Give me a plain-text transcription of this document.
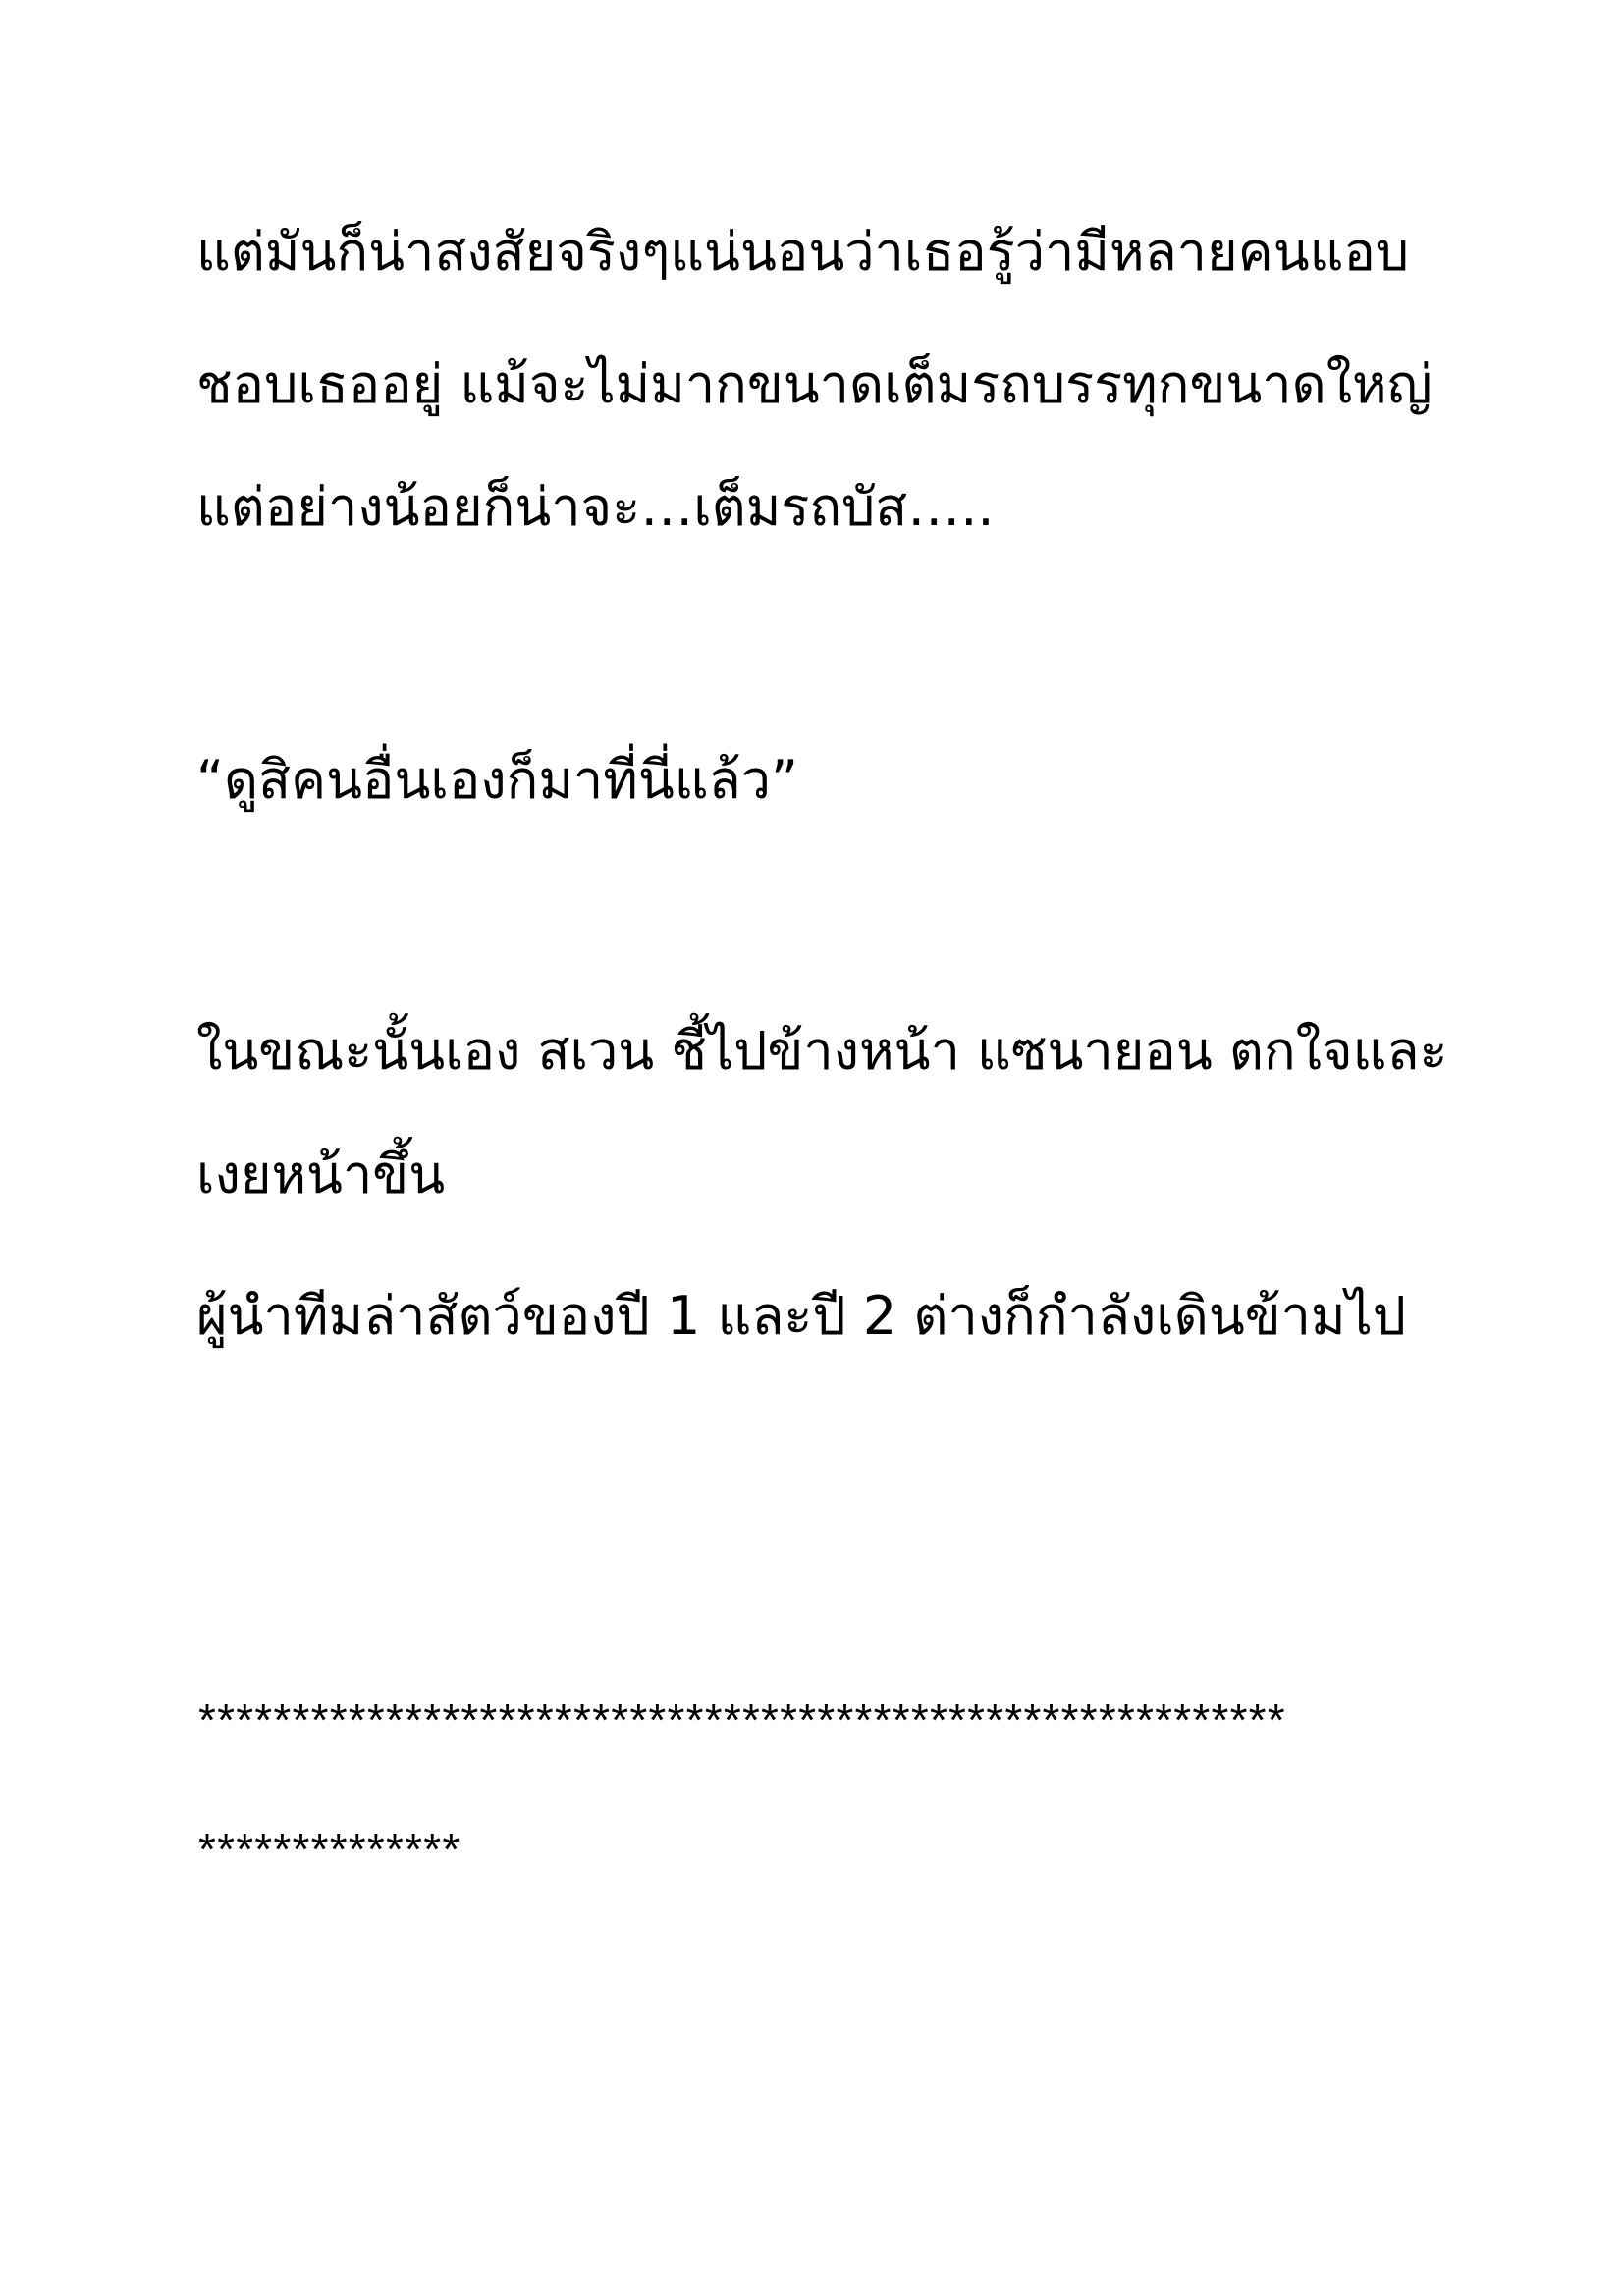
แต่มันก็น่าสงสัยจริงๆแน่นอนว่าเธอรู้ว่ามีหลายคนแอบ
ชอบเธออยู่ แม้จะไม่มากขนาดเต็มรถบรรทุกขนาดใหญ่
แต่อย่างน้อยก็น่าจะ…เต็มรถบัส…..
“ดูสิคนอื่นเองก็มาที่นี่แล้ว”
ในขณะนั้นเอง สเวน ชี้ไปข้างหน้า แซนายอน ตกใจและ
เงยหน้าขึ้น
ผู้นำทีมล่าสัตว์ของปี 1 และปี 2 ต่างก็กำลังเดินข้ามไป
**********************************************************
**************
